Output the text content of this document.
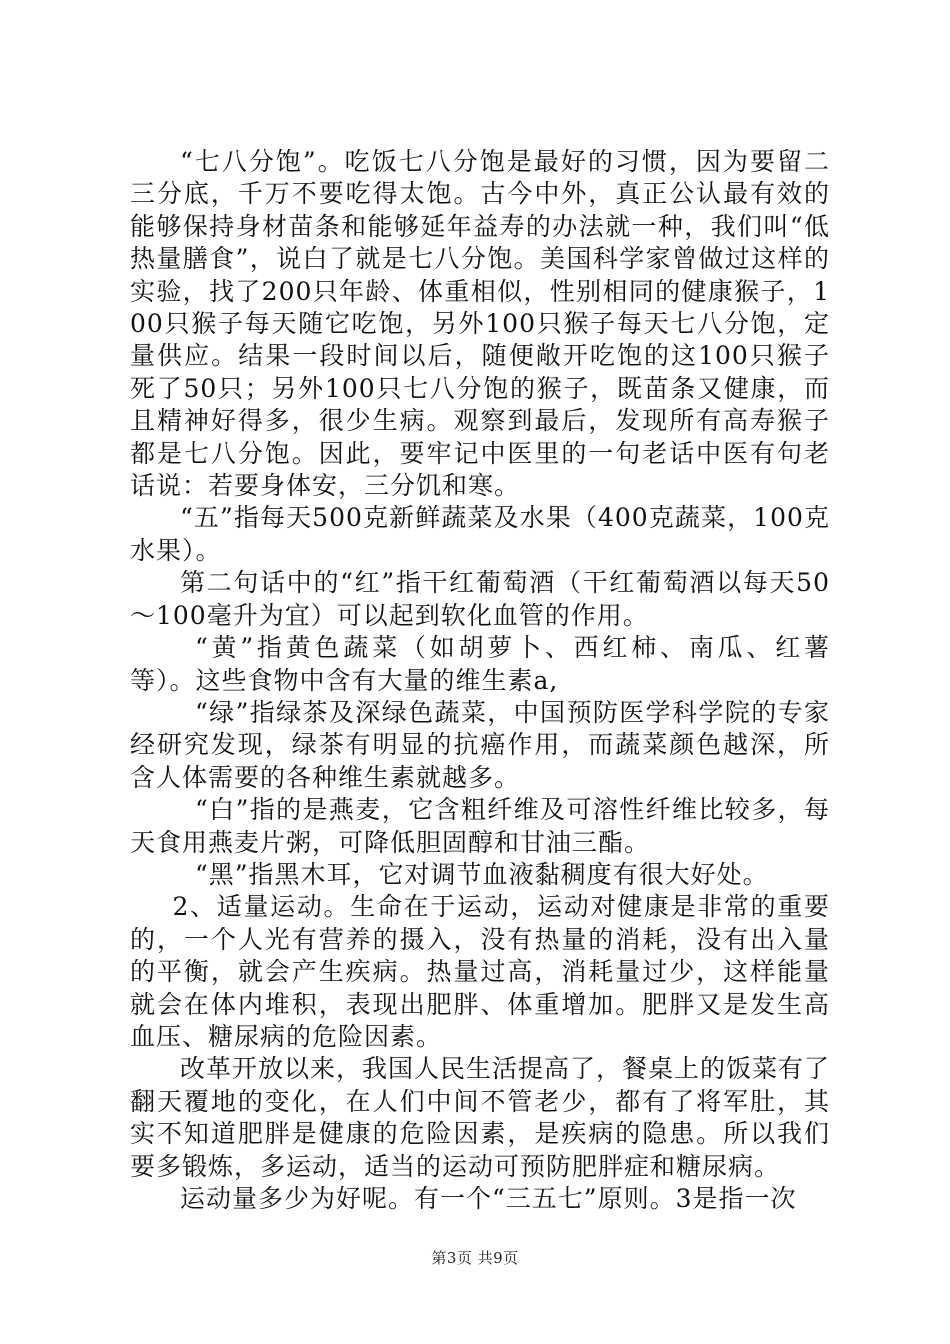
“七八分饱”。吃饭七八分饱是最好的习惯，因为要留二三分底，千万不要吃得太饱。古今中外，真正公认最有效的能够保持身材苗条和能够延年益寿的办法就一种，我们叫“低热量膳食”，说白了就是七八分饱。美国科学家曾做过这样的实验，找了200只年龄、体重相似，性别相同的健康猴子，100只猴子每天随它吃饱，另外100只猴子每天七八分饱，定量供应。结果一段时间以后，随便敞开吃饱的这100只猴子死了50只；另外100只七八分饱的猴子，既苗条又健康，而且精神好得多，很少生病。观察到最后，发现所有高寿猴子都是七八分饱。因此，要牢记中医里的一句老话中医有句老话说：若要身体安，三分饥和寒。

“五”指每天500克新鲜蔬菜及水果（400克蔬菜，100克水果）。

第二句话中的“红”指干红葡萄酒（干红葡萄酒以每天50～100毫升为宜）可以起到软化血管的作用。

“黄”指黄色蔬菜（如胡萝卜、西红柿、南瓜、红薯等）。这些食物中含有大量的维生素a,

“绿”指绿茶及深绿色蔬菜，中国预防医学科学院的专家经研究发现，绿茶有明显的抗癌作用，而蔬菜颜色越深，所含人体需要的各种维生素就越多。

“白”指的是燕麦，它含粗纤维及可溶性纤维比较多，每天食用燕麦片粥，可降低胆固醇和甘油三酯。

“黑”指黑木耳，它对调节血液黏稠度有很大好处。

2、适量运动。生命在于运动，运动对健康是非常的重要的，一个人光有营养的摄入，没有热量的消耗，没有出入量的平衡，就会产生疾病。热量过高，消耗量过少，这样能量就会在体内堆积，表现出肥胖、体重增加。肥胖又是发生高血压、糖尿病的危险因素。

改革开放以来，我国人民生活提高了，餐桌上的饭菜有了翻天覆地的变化，在人们中间不管老少，都有了将军肚，其实不知道肥胖是健康的危险因素，是疾病的隐患。所以我们要多锻炼，多运动，适当的运动可预防肥胖症和糖尿病。

运动量多少为好呢。有一个“三五七”原则。3是指一次

第3页 共9页
